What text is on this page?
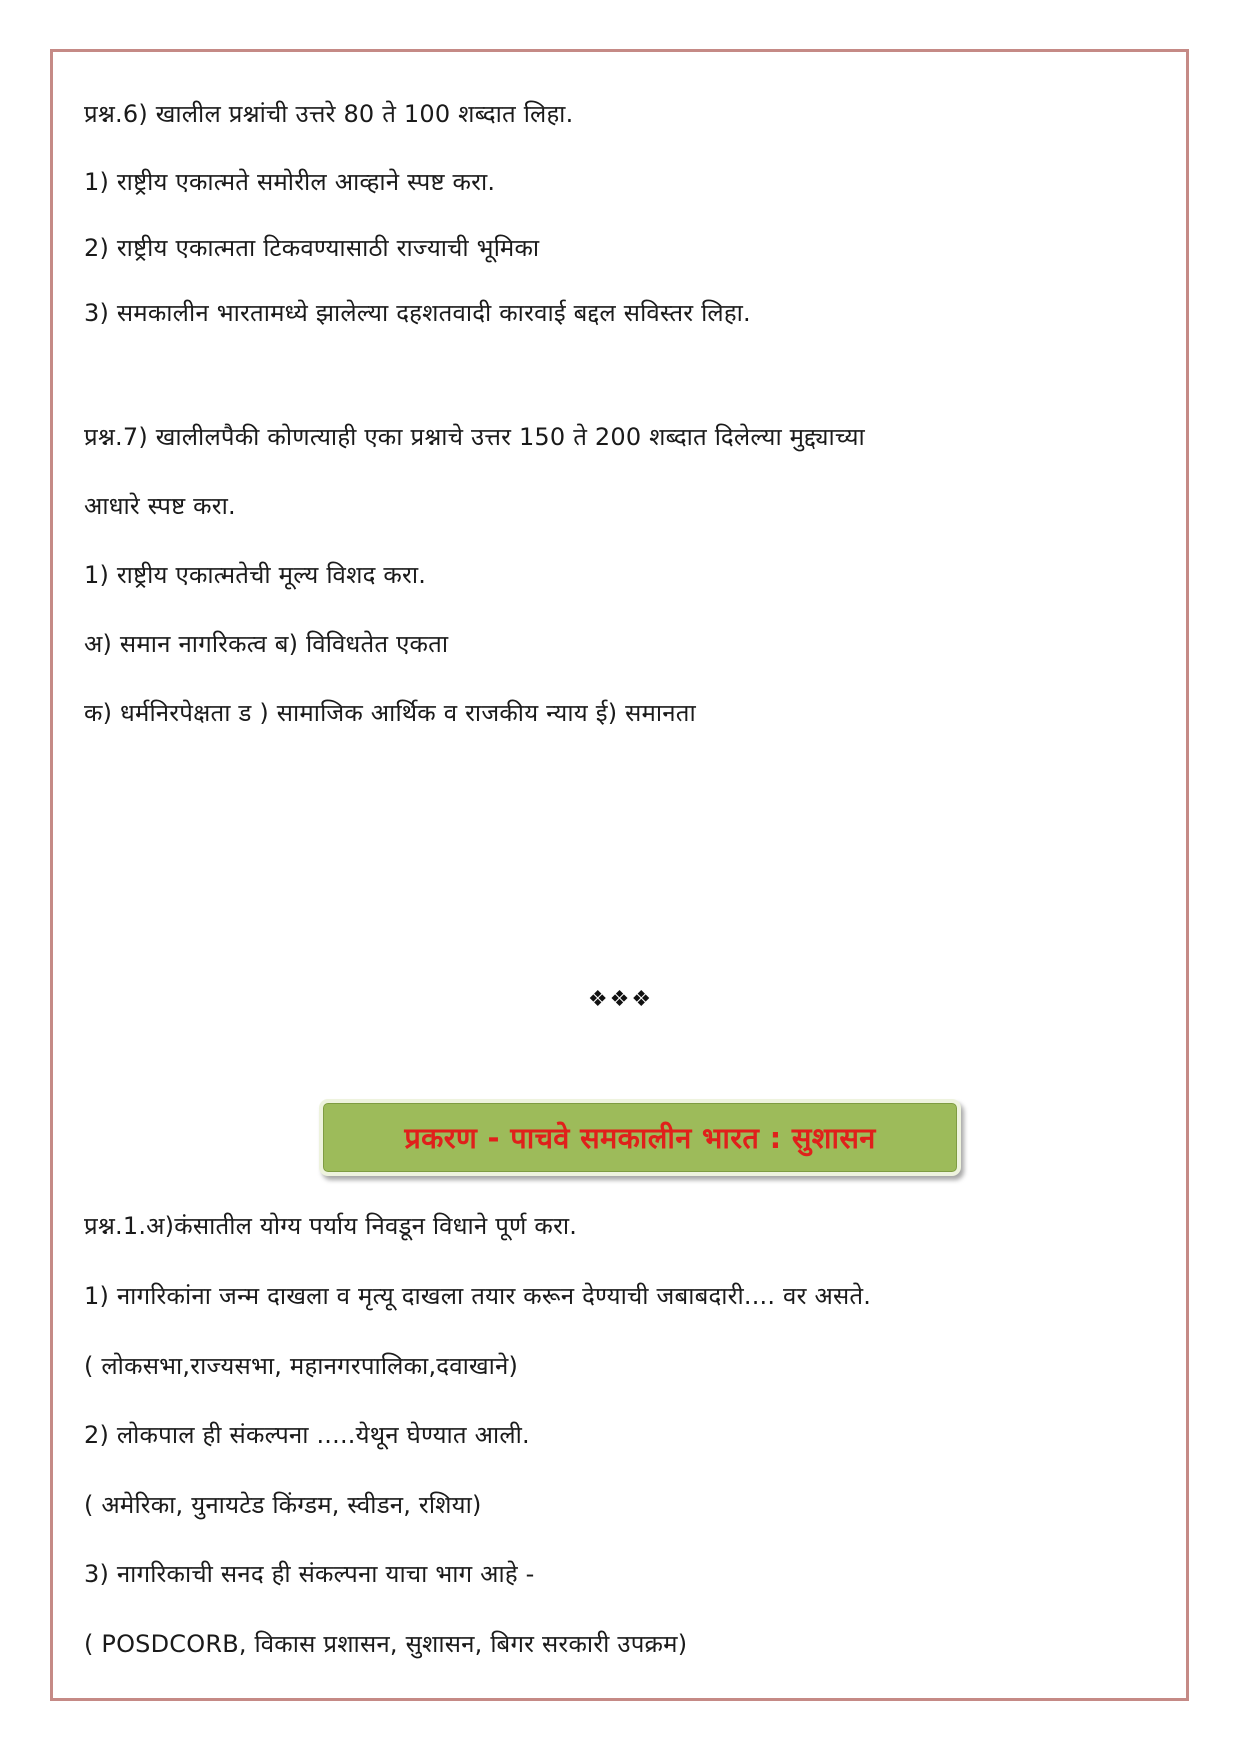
प्रश्न.6) खालील प्रश्नांची उत्तरे 80 ते 100 शब्दात लिहा.
1) राष्ट्रीय एकात्मते समोरील आव्हाने स्पष्ट करा.
2) राष्ट्रीय एकात्मता टिकवण्यासाठी राज्याची भूमिका
3) समकालीन भारतामध्ये झालेल्या दहशतवादी कारवाई बद्दल सविस्तर लिहा.
प्रश्न.7) खालीलपैकी कोणत्याही एका प्रश्नाचे उत्तर 150 ते 200 शब्दात दिलेल्या मुद्द्याच्या
आधारे स्पष्ट करा.
1) राष्ट्रीय एकात्मतेची मूल्य विशद करा.
अ) समान नागरिकत्व ब) विविधतेत एकता
क) धर्मनिरपेक्षता ड ) सामाजिक आर्थिक व राजकीय न्याय ई) समानता
❖❖❖
प्रकरण - पाचवे समकालीन भारत : सुशासन
प्रश्न.1.अ)कंसातील योग्य पर्याय निवडून विधाने पूर्ण करा.
1) नागरिकांना जन्म दाखला व मृत्यू दाखला तयार करून देण्याची जबाबदारी.... वर असते.
( लोकसभा,राज्यसभा, महानगरपालिका,दवाखाने)
2) लोकपाल ही संकल्पना .....येथून घेण्यात आली.
( अमेरिका, युनायटेड किंग्डम, स्वीडन, रशिया)
3) नागरिकाची सनद ही संकल्पना याचा भाग आहे -
( POSDCORB, विकास प्रशासन, सुशासन, बिगर सरकारी उपक्रम)
